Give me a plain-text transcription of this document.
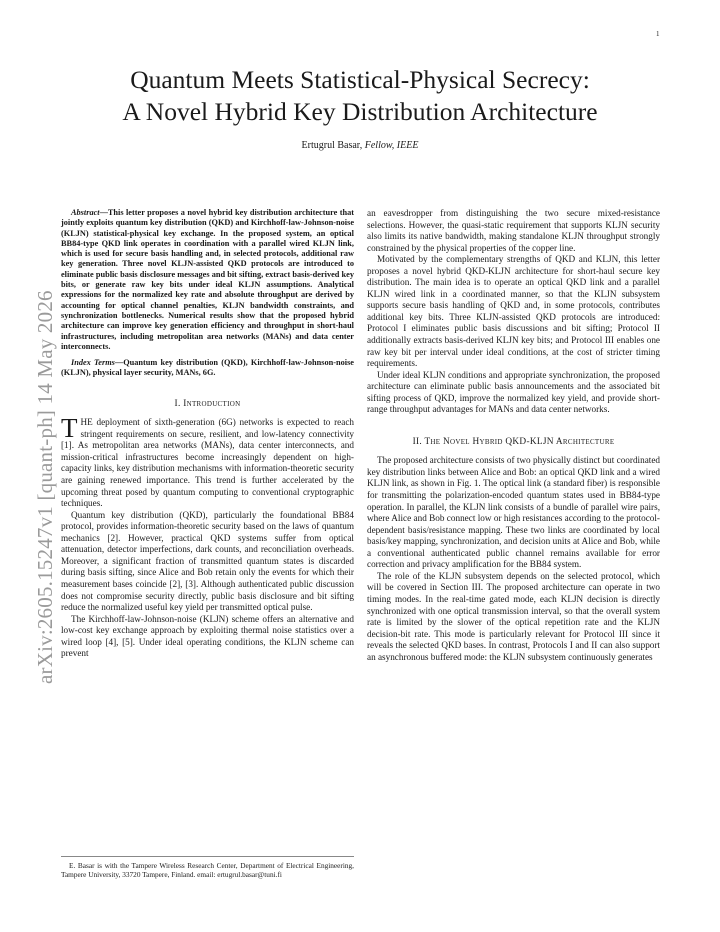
1
arXiv:2605.15247v1 [quant-ph] 14 May 2026
Quantum Meets Statistical-Physical Secrecy:
A Novel Hybrid Key Distribution Architecture
Ertugrul Basar, Fellow, IEEE

Abstract—This letter proposes a novel hybrid key distribution architecture that jointly exploits quantum key distribution (QKD) and Kirchhoff-law-Johnson-noise (KLJN) statistical-physical key exchange. In the proposed system, an optical BB84-type QKD link operates in coordination with a parallel wired KLJN link, which is used for secure basis handling and, in selected protocols, additional raw key generation. Three novel KLJN-assisted QKD protocols are introduced to eliminate public basis disclosure messages and bit sifting, extract basis-derived key bits, or generate raw key bits under ideal KLJN assumptions. Analytical expressions for the normalized key rate and absolute throughput are derived by accounting for optical channel penalties, KLJN bandwidth constraints, and synchronization bottlenecks. Numerical results show that the proposed hybrid architecture can improve key generation efficiency and throughput in short-haul infrastructures, including metropolitan area networks (MANs) and data center interconnects.

Index Terms—Quantum key distribution (QKD), Kirchhoff-law-Johnson-noise (KLJN), physical layer security, MANs, 6G.

I. Introduction

THE deployment of sixth-generation (6G) networks is expected to reach stringent requirements on secure, resilient, and low-latency connectivity [1]. As metropolitan area networks (MANs), data center interconnects, and mission-critical infrastructures become increasingly dependent on high-capacity links, key distribution mechanisms with information-theoretic security are gaining renewed importance. This trend is further accelerated by the upcoming threat posed by quantum computing to conventional cryptographic techniques.

Quantum key distribution (QKD), particularly the foundational BB84 protocol, provides information-theoretic security based on the laws of quantum mechanics [2]. However, practical QKD systems suffer from optical attenuation, detector imperfections, dark counts, and reconciliation overheads. Moreover, a significant fraction of transmitted quantum states is discarded during basis sifting, since Alice and Bob retain only the events for which their measurement bases coincide [2], [3]. Although authenticated public discussion does not compromise security directly, public basis disclosure and bit sifting reduce the normalized useful key yield per transmitted optical pulse.

The Kirchhoff-law-Johnson-noise (KLJN) scheme offers an alternative and low-cost key exchange approach by exploiting thermal noise statistics over a wired loop [4], [5]. Under ideal operating conditions, the KLJN scheme can prevent

an eavesdropper from distinguishing the two secure mixed-resistance selections. However, the quasi-static requirement that supports KLJN security also limits its native bandwidth, making standalone KLJN throughput strongly constrained by the physical properties of the copper line.

Motivated by the complementary strengths of QKD and KLJN, this letter proposes a novel hybrid QKD-KLJN architecture for short-haul secure key distribution. The main idea is to operate an optical QKD link and a parallel KLJN wired link in a coordinated manner, so that the KLJN subsystem supports secure basis handling of QKD and, in some protocols, contributes additional key bits. Three KLJN-assisted QKD protocols are introduced: Protocol I eliminates public basis discussions and bit sifting; Protocol II additionally extracts basis-derived KLJN key bits; and Protocol III enables one raw key bit per interval under ideal conditions, at the cost of stricter timing requirements.

Under ideal KLJN conditions and appropriate synchronization, the proposed architecture can eliminate public basis announcements and the associated bit sifting process of QKD, improve the normalized key yield, and provide short-range throughput advantages for MANs and data center networks.

II. The Novel Hybrid QKD-KLJN Architecture

The proposed architecture consists of two physically distinct but coordinated key distribution links between Alice and Bob: an optical QKD link and a wired KLJN link, as shown in Fig. 1. The optical link (a standard fiber) is responsible for transmitting the polarization-encoded quantum states used in BB84-type operation. In parallel, the KLJN link consists of a bundle of parallel wire pairs, where Alice and Bob connect low or high resistances according to the protocol-dependent basis/resistance mapping. These two links are coordinated by local basis/key mapping, synchronization, and decision units at Alice and Bob, while a conventional authenticated public channel remains available for error correction and privacy amplification for the BB84 system.

The role of the KLJN subsystem depends on the selected protocol, which will be covered in Section III. The proposed architecture can operate in two timing modes. In the real-time gated mode, each KLJN decision is directly synchronized with one optical transmission interval, so that the overall system rate is limited by the slower of the optical repetition rate and the KLJN decision-bit rate. This mode is particularly relevant for Protocol III since it reveals the selected QKD bases. In contrast, Protocols I and II can also support an asynchronous buffered mode: the KLJN subsystem continuously generates

E. Basar is with the Tampere Wireless Research Center, Department of Electrical Engineering, Tampere University, 33720 Tampere, Finland. email: ertugrul.basar@tuni.fi
